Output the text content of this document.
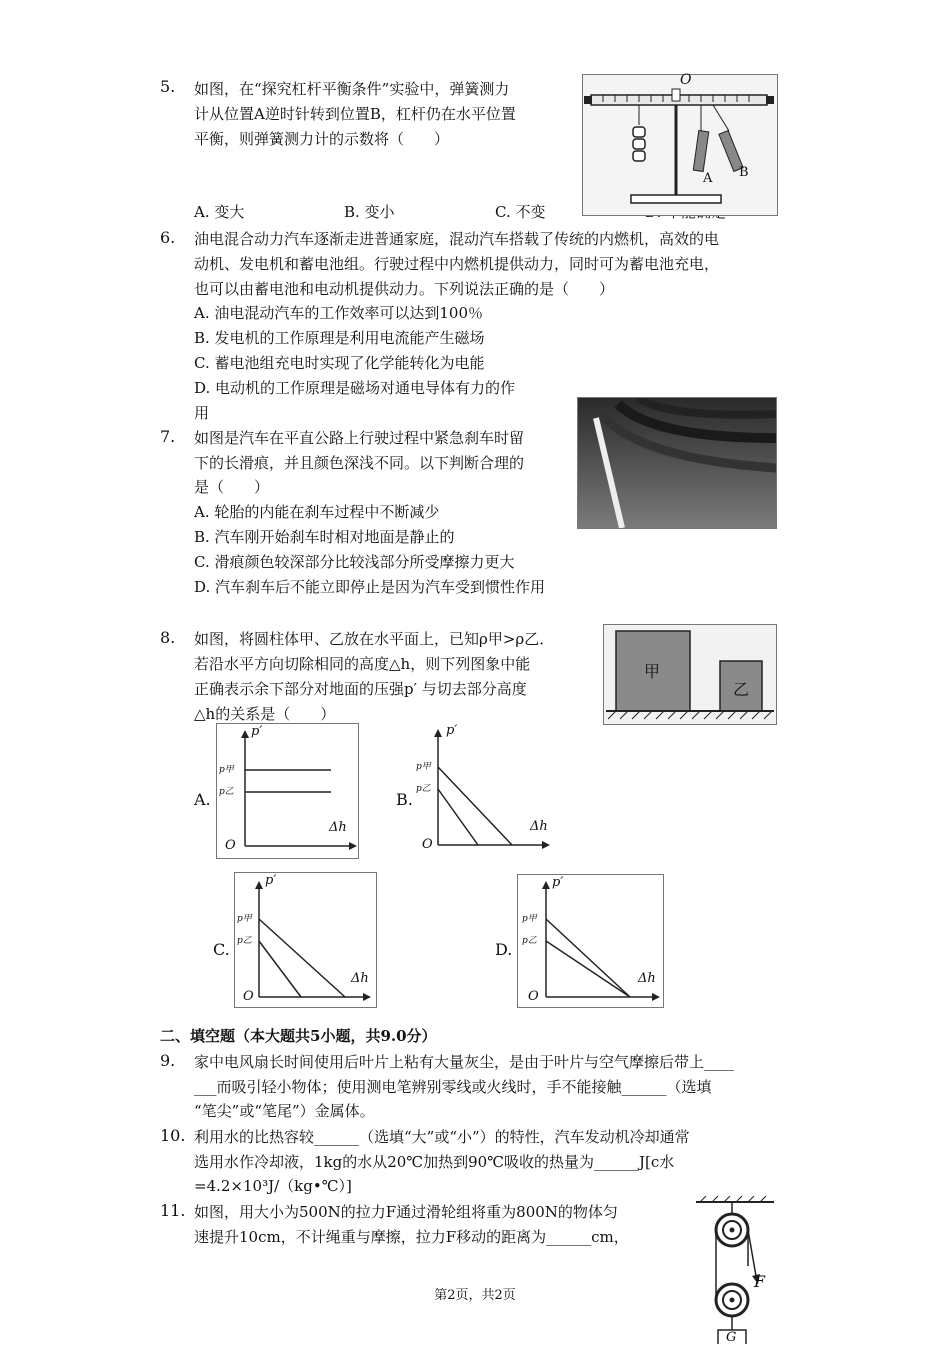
5. 如图，在“探究杠杆平衡条件”实验中，弹簧测力
计从位置A逆时针转到位置B，杠杆仍在水平位置
平衡，则弹簧测力计的示数将（　　）
A. 变大	B. 变小	C. 不变
O
A B
6. 油电混合动力汽车逐渐走进普通家庭，混动汽车搭载了传统的内燃机，高效的电
动机、发电机和蓄电池组。行驶过程中内燃机提供动力，同时可为蓄电池充电，
也可以由蓄电池和电动机提供动力。下列说法正确的是（　　）
A. 油电混动汽车的工作效率可以达到100％
B. 发电机的工作原理是利用电流能产生磁场
C. 蓄电池组充电时实现了化学能转化为电能
D. 电动机的工作原理是磁场对通电导体有力的作
用
7. 如图是汽车在平直公路上行驶过程中紧急刹车时留
下的长滑痕，并且颜色深浅不同。以下判断合理的
是（　　）
A. 轮胎的内能在刹车过程中不断减少
B. 汽车刚开始刹车时相对地面是静止的
C. 滑痕颜色较深部分比较浅部分所受摩擦力更大
D. 汽车刹车后不能立即停止是因为汽车受到惯性作用
8. 如图，将圆柱体甲、乙放在水平面上，已知ρ甲>ρ乙．
若沿水平方向切除相同的高度△h，则下列图象中能
正确表示余下部分对地面的压强p′ 与切去部分高度
△h的关系是（　　）
甲
乙
A.
p′
Δh
O
p甲
p乙	B.
p′
Δh
O
p甲
p乙
C.
p′
Δh
O
p甲
p乙	D.
p′
Δh
O
p甲
p乙
二、填空题（本大题共5小题，共9.0分）
9. 家中电风扇长时间使用后叶片上粘有大量灰尘，是由于叶片与空气摩擦后带上____
___而吸引轻小物体；使用测电笔辨别零线或火线时，手不能接触______（选填
“笔尖”或“笔尾”）金属体。
10. 利用水的比热容较______（选填“大”或“小”）的特性，汽车发动机冷却通常
选用水作冷却液，1kg的水从20℃加热到90℃吸收的热量为______J[c水
=4.2×10³J/（kg•℃）]
11. 如图，用大小为500N的拉力F通过滑轮组将重为800N的物体匀
速提升10cm，不计绳重与摩擦，拉力F移动的距离为______cm，
F
G
第2页，共2页
